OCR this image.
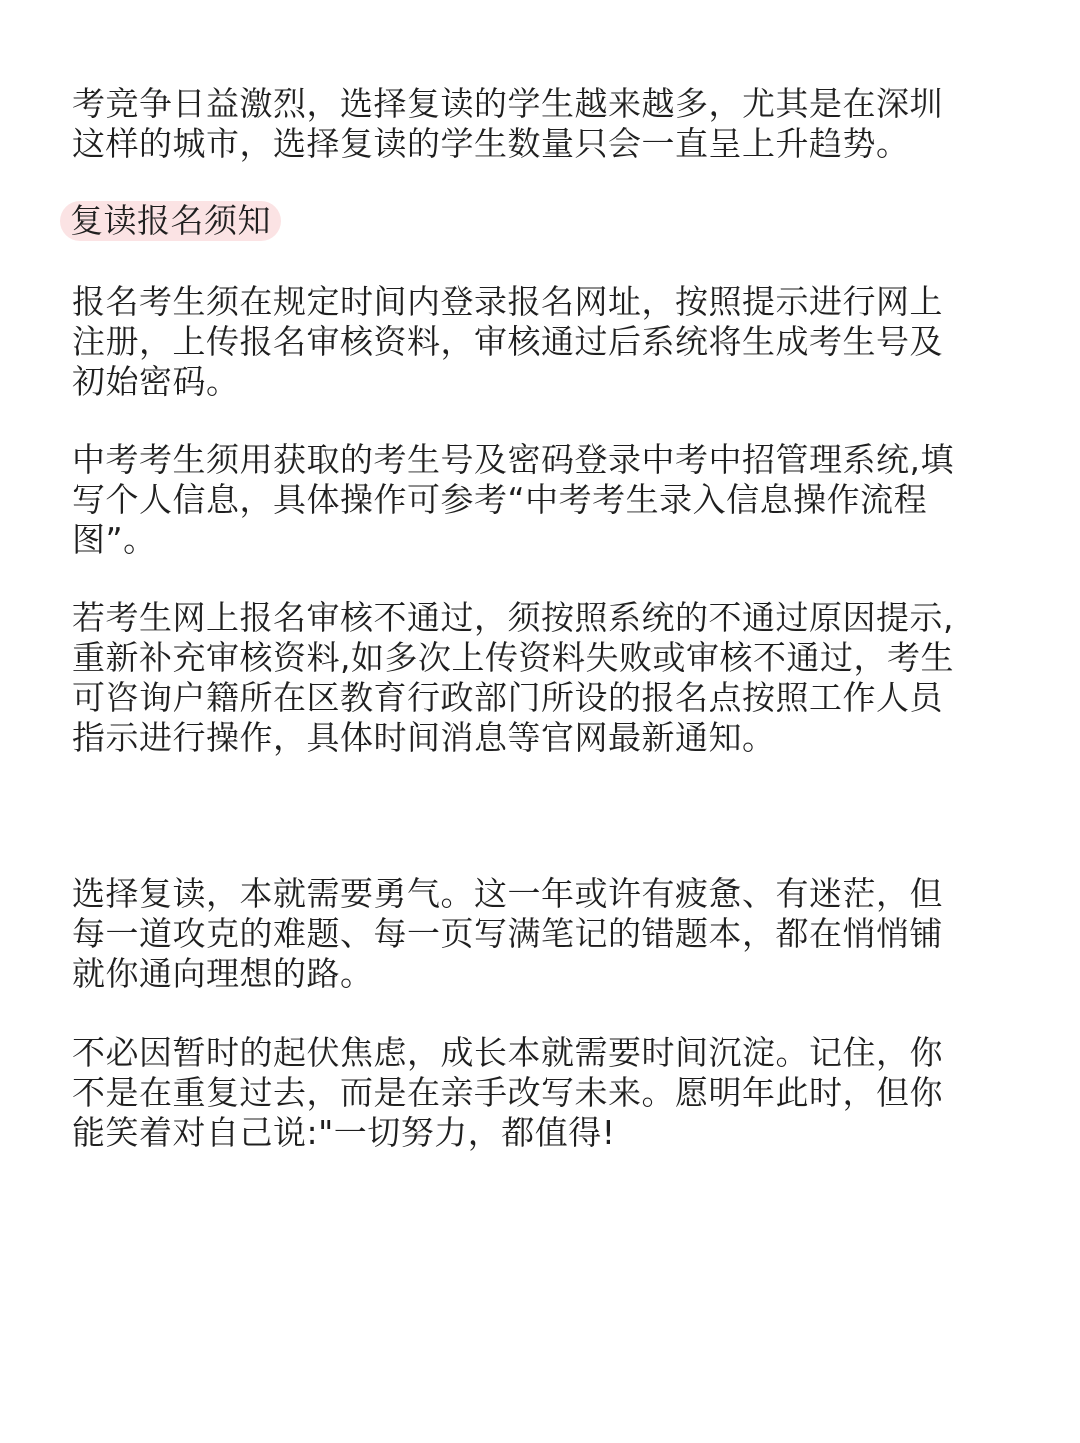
考竞争日益激烈，选择复读的学生越来越多，尤其是在深圳
这样的城市，选择复读的学生数量只会一直呈上升趋势。

复读报名须知

报名考生须在规定时间内登录报名网址，按照提示进行网上
注册，上传报名审核资料，审核通过后系统将生成考生号及
初始密码。

中考考生须用获取的考生号及密码登录中考中招管理系统,填
写个人信息，具体操作可参考“中考考生录入信息操作流程
图”。

若考生网上报名审核不通过，须按照系统的不通过原因提示,
重新补充审核资料,如多次上传资料失败或审核不通过，考生
可咨询户籍所在区教育行政部门所设的报名点按照工作人员
指示进行操作，具体时间消息等官网最新通知。

选择复读，本就需要勇气。这一年或许有疲惫、有迷茫，但
每一道攻克的难题、每一页写满笔记的错题本，都在悄悄铺
就你通向理想的路。

不必因暂时的起伏焦虑，成长本就需要时间沉淀。记住，你
不是在重复过去，而是在亲手改写未来。愿明年此时，但你
能笑着对自己说:"一切努力，都值得!
